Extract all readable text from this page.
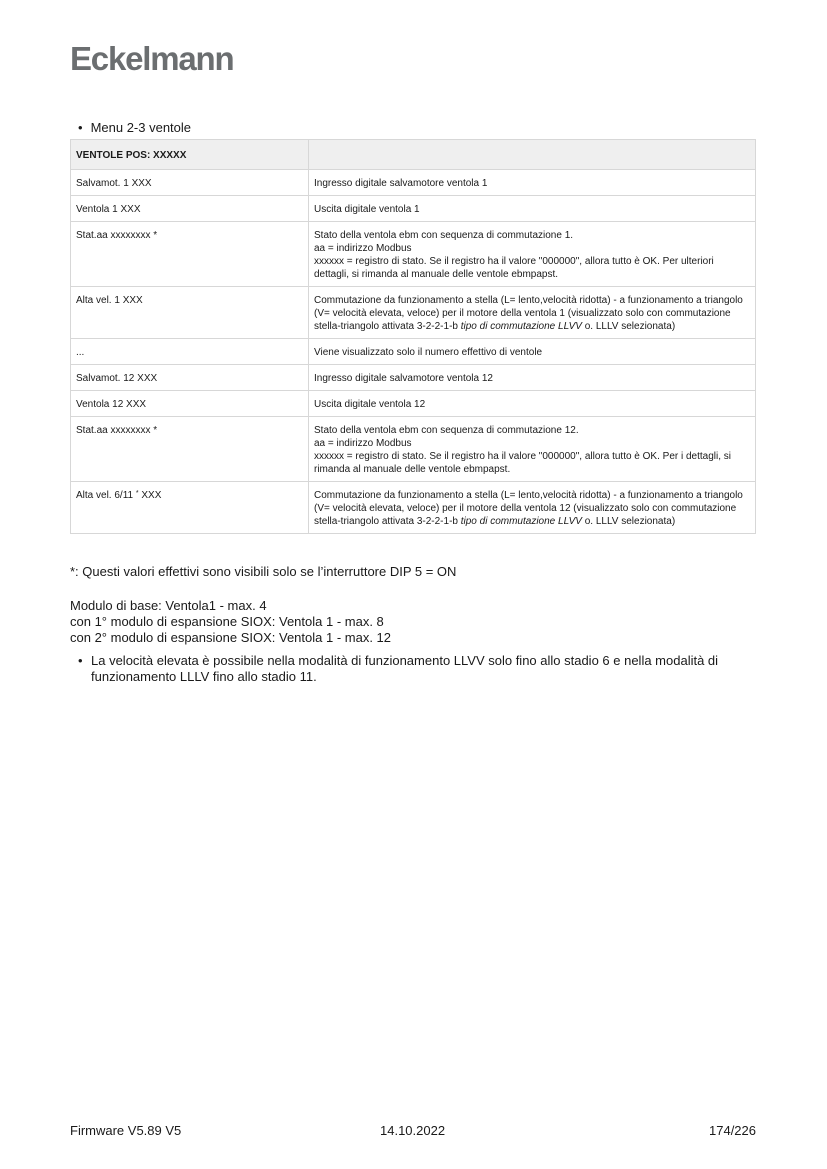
Eckelmann
• Menu 2-3 ventole
VENTOLE POS: XXXXX	
Salvamot. 1 XXX	Ingresso digitale salvamotore ventola 1
Ventola 1 XXX	Uscita digitale ventola 1
Stat.aa xxxxxxxx *	Stato della ventola ebm con sequenza di commutazione 1.
aa = indirizzo Modbus
xxxxxx = registro di stato. Se il registro ha il valore "000000", allora tutto è OK. Per ulteriori dettagli, si rimanda al manuale delle ventole ebmpapst.

Alta vel. 1 XXX	Commutazione da funzionamento a stella (L= lento,velocità ridotta) - a funzionamento a triangolo (V= velocità elevata, veloce) per il motore della ventola 1 (visualizzato solo con commutazione stella-triangolo attivata 3-2-2-1-b tipo di commutazione LLVV o. LLLV selezionata)
...	Viene visualizzato solo il numero effettivo di ventole
Salvamot. 12 XXX	Ingresso digitale salvamotore ventola 12
Ventola 12 XXX	Uscita digitale ventola 12
Stat.aa xxxxxxxx *	Stato della ventola ebm con sequenza di commutazione 12.
aa = indirizzo Modbus
xxxxxx = registro di stato. Se il registro ha il valore "000000", allora tutto è OK. Per i dettagli, si rimanda al manuale delle ventole ebmpapst.

Alta vel. 6/11 * XXX	Commutazione da funzionamento a stella (L= lento,velocità ridotta) - a funzionamento a triangolo (V= velocità elevata, veloce) per il motore della ventola 12 (visualizzato solo con commutazione stella-triangolo attivata 3-2-2-1-b tipo di commutazione LLVV o. LLLV selezionata)
*: Questi valori effettivi sono visibili solo se l’interruttore DIP 5 = ON
Modulo di base: Ventola1 - max. 4
con 1° modulo di espansione SIOX: Ventola 1 - max. 8
con 2° modulo di espansione SIOX: Ventola 1 - max. 12
• La velocità elevata è possibile nella modalità di funzionamento LLVV solo fino allo stadio 6 e nella modalità di funzionamento LLLV fino allo stadio 11.
Firmware V5.89 V5	14.10.2022	174/226
